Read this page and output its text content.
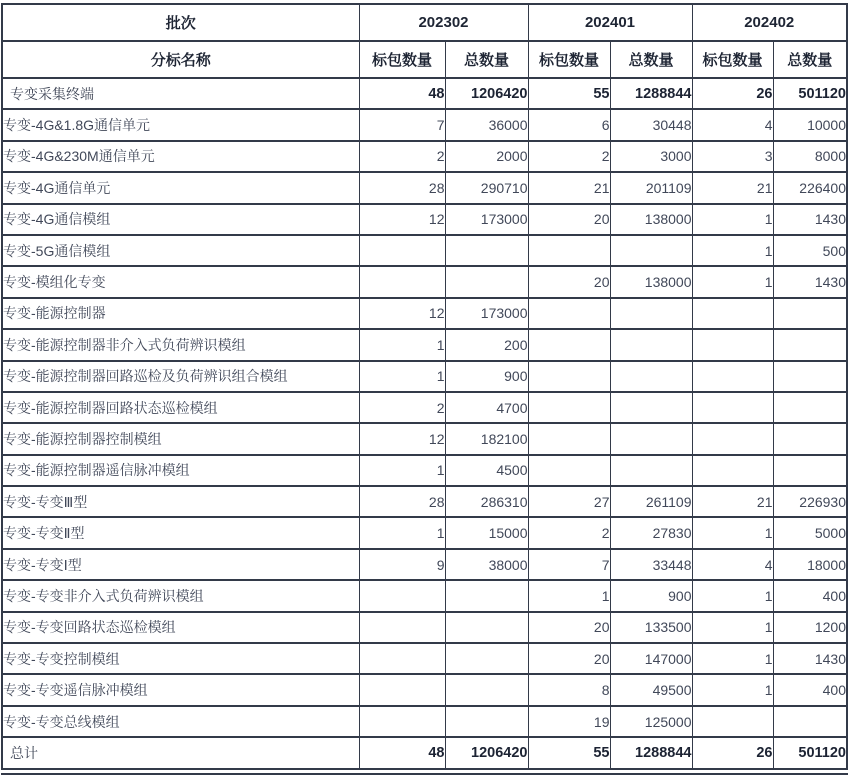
批次	202302		202401		202402	
分标名称	标包数量	总数量	标包数量	总数量	标包数量	总数量
专变采集终端	48	1206420	55	1288844	26	501120
专变-4G&1.8G通信单元	7	36000	6	30448	4	10000
专变-4G&230M通信单元	2	2000	2	3000	3	8000
专变-4G通信单元	28	290710	21	201109	21	226400
专变-4G通信模组	12	173000	20	138000	1	1430
专变-5G通信模组					1	500
专变-模组化专变			20	138000	1	1430
专变-能源控制器	12	173000				
专变-能源控制器非介入式负荷辨识模组	1	200				
专变-能源控制器回路巡检及负荷辨识组合模组	1	900				
专变-能源控制器回路状态巡检模组	2	4700				
专变-能源控制器控制模组	12	182100				
专变-能源控制器遥信脉冲模组	1	4500				
专变-专变Ⅲ型	28	286310	27	261109	21	226930
专变-专变Ⅱ型	1	15000	2	27830	1	5000
专变-专变Ⅰ型	9	38000	7	33448	4	18000
专变-专变非介入式负荷辨识模组			1	900	1	400
专变-专变回路状态巡检模组			20	133500	1	1200
专变-专变控制模组			20	147000	1	1430
专变-专变遥信脉冲模组			8	49500	1	400
专变-专变总线模组			19	125000		
总计	48	1206420	55	1288844	26	501120
